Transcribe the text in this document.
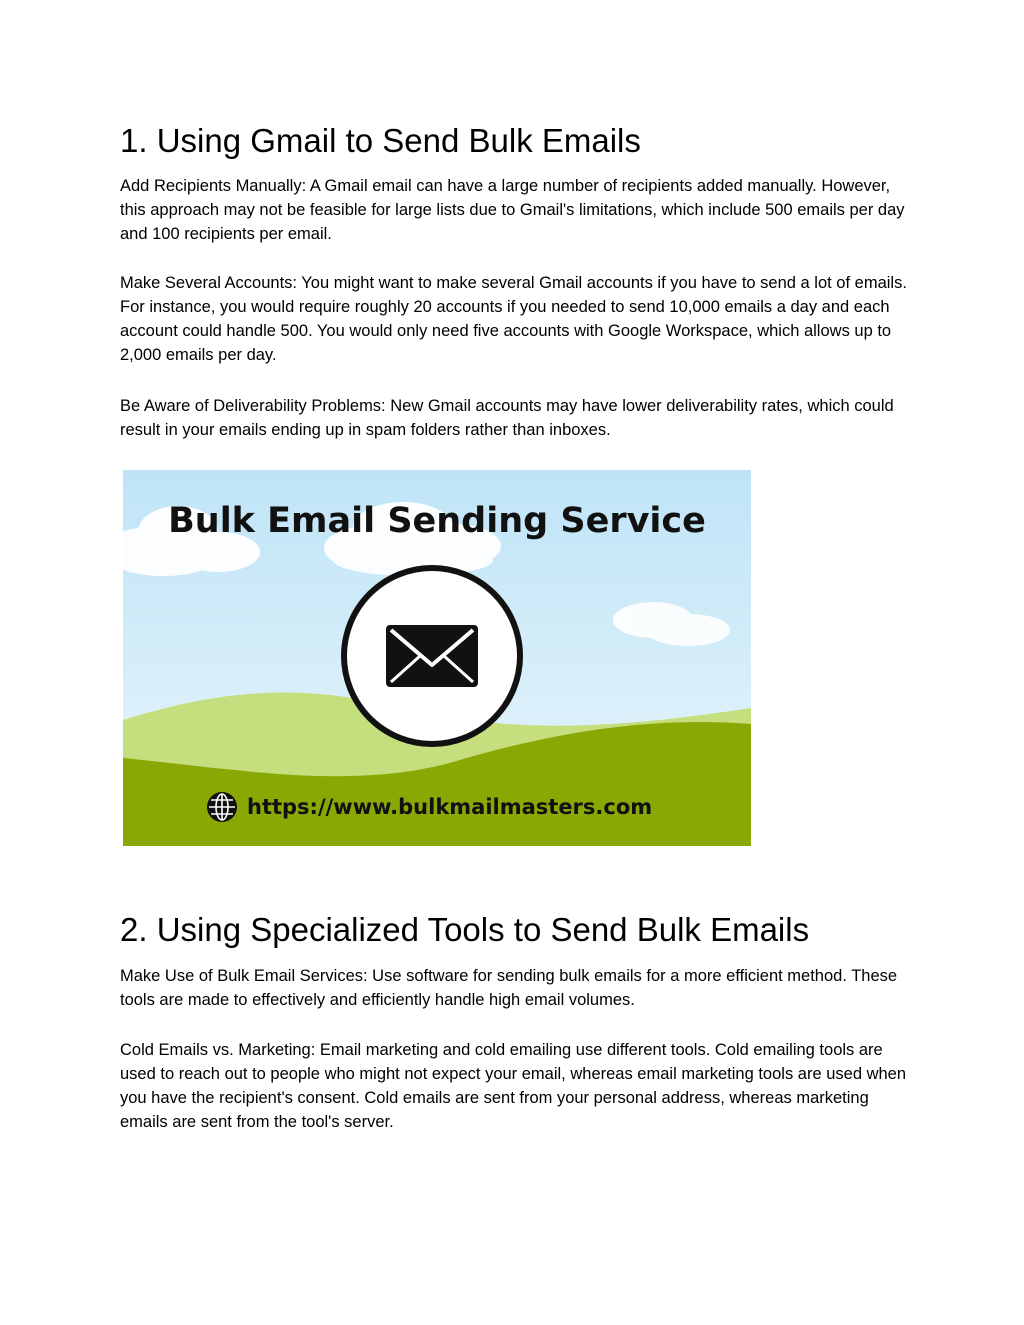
1. Using Gmail to Send Bulk Emails

Add Recipients Manually: A Gmail email can have a large number of recipients added manually. However, this approach may not be feasible for large lists due to Gmail's limitations, which include 500 emails per day and 100 recipients per email.

Make Several Accounts: You might want to make several Gmail accounts if you have to send a lot of emails. For instance, you would require roughly 20 accounts if you needed to send 10,000 emails a day and each account could handle 500. You would only need five accounts with Google Workspace, which allows up to 2,000 emails per day.

Be Aware of Deliverability Problems: New Gmail accounts may have lower deliverability rates, which could result in your emails ending up in spam folders rather than inboxes.

Bulk Email Sending Service
https://www.bulkmailmasters.com
2. Using Specialized Tools to Send Bulk Emails

Make Use of Bulk Email Services: Use software for sending bulk emails for a more efficient method. These tools are made to effectively and efficiently handle high email volumes.

Cold Emails vs. Marketing: Email marketing and cold emailing use different tools. Cold emailing tools are used to reach out to people who might not expect your email, whereas email marketing tools are used when you have the recipient's consent. Cold emails are sent from your personal address, whereas marketing emails are sent from the tool's server.
